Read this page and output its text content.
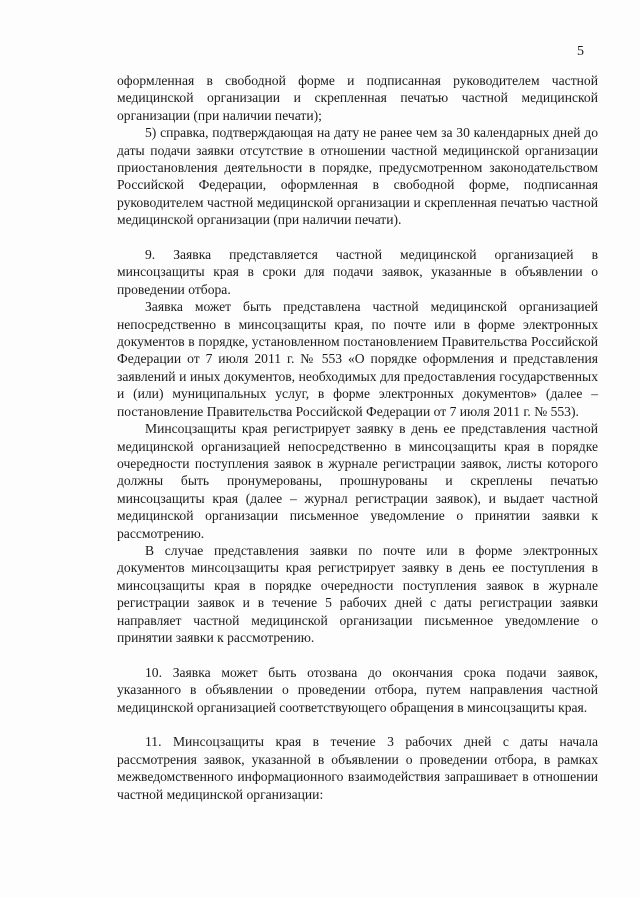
5

оформленная в свободной форме и подписанная руководителем частной медицинской организации и скрепленная печатью частной медицинской организации (при наличии печати);

5) справка, подтверждающая на дату не ранее чем за 30 календарных дней до даты подачи заявки отсутствие в отношении частной медицинской организации приостановления деятельности в порядке, предусмотренном законодательством Российской Федерации, оформленная в свободной форме, подписанная руководителем частной медицинской организации и скрепленная печатью частной медицинской организации (при наличии печати).

9. Заявка представляется частной медицинской организацией в минсоцзащиты края в сроки для подачи заявок, указанные в объявлении о проведении отбора.

Заявка может быть представлена частной медицинской организацией непосредственно в минсоцзащиты края, по почте или в форме электронных документов в порядке, установленном постановлением Правительства Российской Федерации от 7 июля 2011 г. № 553 «О порядке оформления и представления заявлений и иных документов, необходимых для предоставления государственных и (или) муниципальных услуг, в форме электронных документов» (далее – постановление Правительства Российской Федерации от 7 июля 2011 г. № 553).

Минсоцзащиты края регистрирует заявку в день ее представления частной медицинской организацией непосредственно в минсоцзащиты края в порядке очередности поступления заявок в журнале регистрации заявок, листы которого должны быть пронумерованы, прошнурованы и скреплены печатью минсоцзащиты края (далее – журнал регистрации заявок), и выдает частной медицинской организации письменное уведомление о принятии заявки к рассмотрению.

В случае представления заявки по почте или в форме электронных документов минсоцзащиты края регистрирует заявку в день ее поступления в минсоцзащиты края в порядке очередности поступления заявок в журнале регистрации заявок и в течение 5 рабочих дней с даты регистрации заявки направляет частной медицинской организации письменное уведомление о принятии заявки к рассмотрению.

10. Заявка может быть отозвана до окончания срока подачи заявок, указанного в объявлении о проведении отбора, путем направления частной медицинской организацией соответствующего обращения в минсоцзащиты края.

11. Минсоцзащиты края в течение 3 рабочих дней с даты начала рассмотрения заявок, указанной в объявлении о проведении отбора, в рамках межведомственного информационного взаимодействия запрашивает в отношении частной медицинской организации:
